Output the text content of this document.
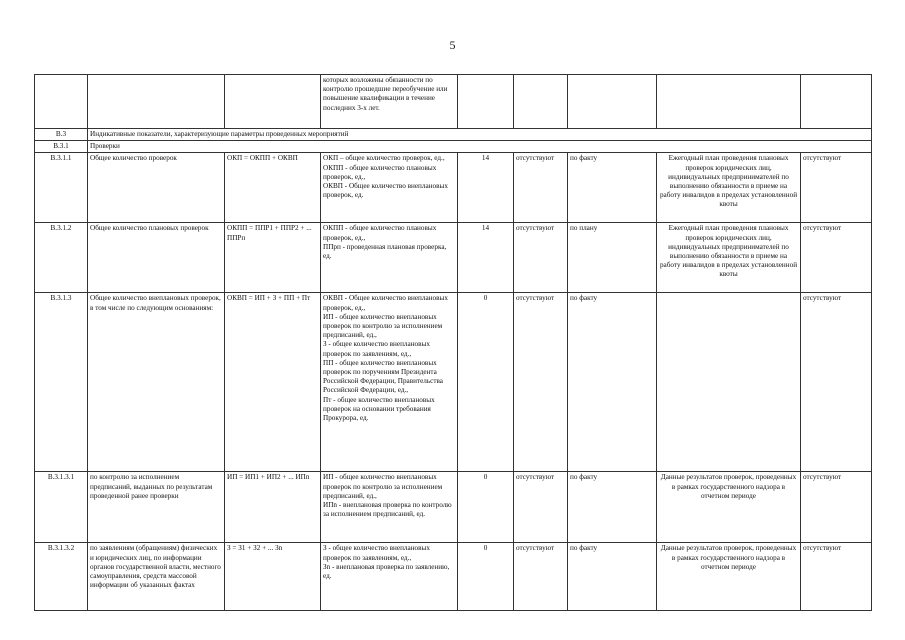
5
			которых возложены обязанности по контролю прошедшие переобучение или повышение квалификации в течение последних 3-х лет.					
В.3	Индикативные показатели, характеризующие параметры проведенных мероприятий							
В.3.1	Проверки							
В.3.1.1	Общее количество проверок	ОКП = ОКПП + ОКВП	ОКП – общее количество проверок, ед.,
ОКПП - общее количество плановых проверок, ед.,
ОКВП - Общее количество внеплановых проверок, ед.	14	отсутствуют	по факту	Ежегодный план проведения плановых проверок юридических лиц, индивидуальных предпринимателей по выполнению обязанности в приеме на работу инвалидов в пределах установленной квоты	отсутствуют
В.3.1.2	Общее количество плановых проверок	ОКПП = ППР1 + ППР2 + ... ППРп	ОКПП - общее количество плановых проверок, ед.,
ППрп - проведенная плановая проверка, ед.	14	отсутствуют	по плану	Ежегодный план проведения плановых проверок юридических лиц, индивидуальных предпринимателей по выполнению обязанности в приеме на работу инвалидов в пределах установленной квоты	отсутствуют
В.3.1.3	Общее количество внеплановых проверок, в том числе по следующим основаниям:	ОКВП = ИП + З + ПП + Пт	ОКВП - Общее количество внеплановых проверок, ед.,
ИП - общее количество внеплановых проверок по контролю за исполнением предписаний, ед.,
З - общее количество внеплановых проверок по заявлениям, ед.,
ПП - общее количество внеплановых проверок по поручениям Президента Российской Федерации, Правительства Российской Федерации, ед.,
Пт - общее количество внеплановых проверок на основании требования Прокурора, ед.	0	отсутствуют	по факту		отсутствуют
В.3.1.3.1	по контролю за исполнением предписаний, выданных по результатам проведенной ранее проверки	ИП = ИП1 + ИП2 + ... ИПn	ИП - общее количество внеплановых проверок по контролю за исполнением предписаний, ед.,
ИПn - внеплановая проверка по контролю за исполнением предписаний, ед.	0	отсутствуют	по факту	Данные результатов проверок, проведенных в рамках государственного надзора в отчетном периоде	отсутствуют
В.3.1.3.2	по заявлениям (обращениям) физических и юридических лиц, по информации органов государственной власти, местного самоуправления, средств массовой информации об указанных фактах	З = З1 + З2 + ... Зn	З - общее количество внеплановых проверок по заявлениям, ед.,
Зn - внеплановая проверка по заявлению, ед.	0	отсутствуют	по факту	Данные результатов проверок, проведенных в рамках государственного надзора в отчетном периоде	отсутствуют
